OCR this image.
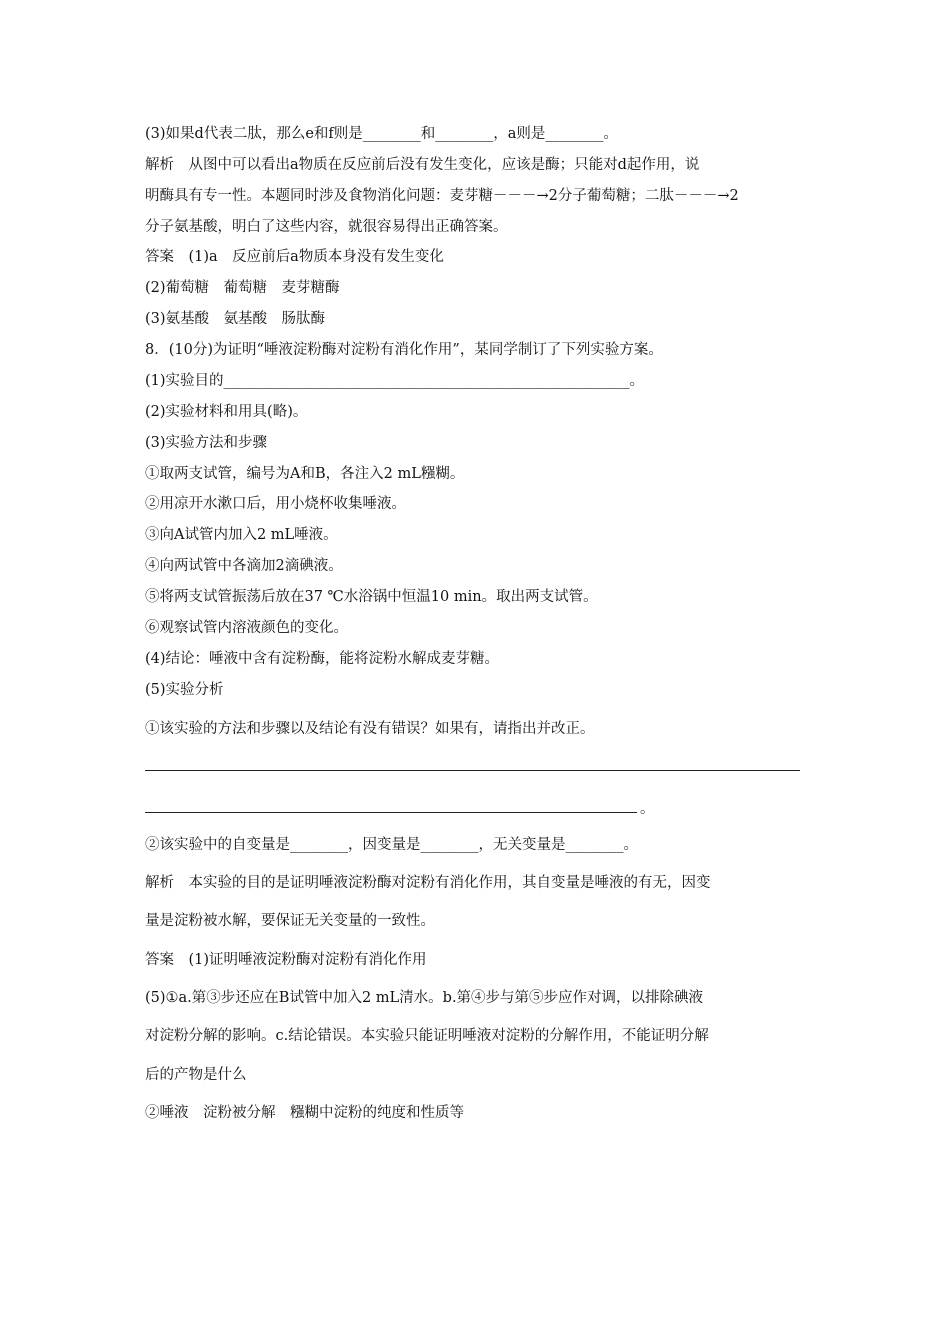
(3)如果d代表二肽，那么e和f则是________和________，a则是________。
解析　从图中可以看出a物质在反应前后没有发生变化，应该是酶；只能对d起作用，说
明酶具有专一性。本题同时涉及食物消化问题：麦芽糖－－－→2分子葡萄糖；二肽－－－→2
分子氨基酸，明白了这些内容，就很容易得出正确答案。
答案　(1)a　反应前后a物质本身没有发生变化
(2)葡萄糖　葡萄糖　麦芽糖酶
(3)氨基酸　氨基酸　肠肽酶
8．(10分)为证明“唾液淀粉酶对淀粉有消化作用”，某同学制订了下列实验方案。
(1)实验目的________________________________________________________。
(2)实验材料和用具(略)。
(3)实验方法和步骤
①取两支试管，编号为A和B，各注入2 mL糨糊。
②用凉开水漱口后，用小烧杯收集唾液。
③向A试管内加入2 mL唾液。
④向两试管中各滴加2滴碘液。
⑤将两支试管振荡后放在37 ℃水浴锅中恒温10 min。取出两支试管。
⑥观察试管内溶液颜色的变化。
(4)结论：唾液中含有淀粉酶，能将淀粉水解成麦芽糖。
(5)实验分析
①该实验的方法和步骤以及结论有没有错误？如果有，请指出并改正。
。
②该实验中的自变量是________，因变量是________，无关变量是________。
解析　本实验的目的是证明唾液淀粉酶对淀粉有消化作用，其自变量是唾液的有无，因变
量是淀粉被水解，要保证无关变量的一致性。
答案　(1)证明唾液淀粉酶对淀粉有消化作用
(5)①a.第③步还应在B试管中加入2 mL清水。b.第④步与第⑤步应作对调，以排除碘液
对淀粉分解的影响。c.结论错误。本实验只能证明唾液对淀粉的分解作用，不能证明分解
后的产物是什么
②唾液　淀粉被分解　糨糊中淀粉的纯度和性质等
